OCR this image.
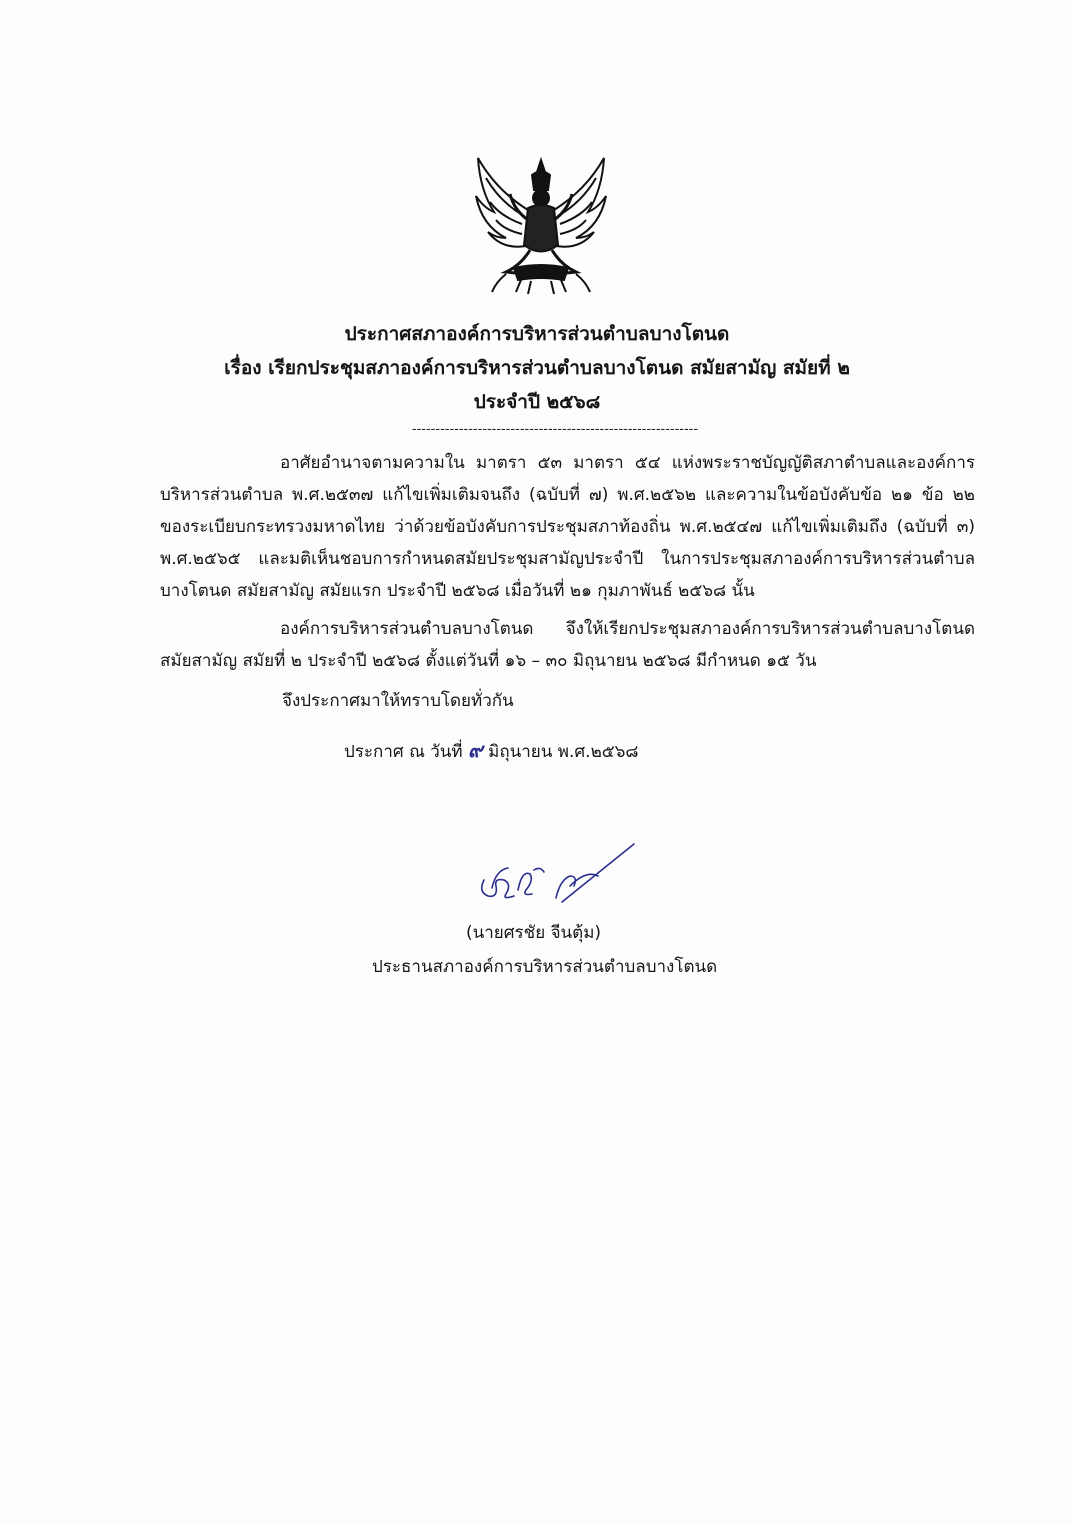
ประกาศสภาองค์การบริหารส่วนตำบลบางโตนด
เรื่อง เรียกประชุมสภาองค์การบริหารส่วนตำบลบางโตนด สมัยสามัญ สมัยที่ ๒
ประจำปี ๒๕๖๘
-------------------------------------------------------------
อาศัยอำนาจตามความใน มาตรา ๕๓ มาตรา ๕๔ แห่งพระราชบัญญัติสภาตำบลและองค์การ
บริหารส่วนตำบล พ.ศ.๒๕๓๗ แก้ไขเพิ่มเติมจนถึง (ฉบับที่ ๗) พ.ศ.๒๕๖๒ และความในข้อบังคับข้อ ๒๑ ข้อ ๒๒
ของระเบียบกระทรวงมหาดไทย ว่าด้วยข้อบังคับการประชุมสภาท้องถิ่น พ.ศ.๒๕๔๗ แก้ไขเพิ่มเติมถึง (ฉบับที่ ๓)
พ.ศ.๒๕๖๕ และมติเห็นชอบการกำหนดสมัยประชุมสามัญประจำปี ในการประชุมสภาองค์การบริหารส่วนตำบล
บางโตนด สมัยสามัญ สมัยแรก ประจำปี ๒๕๖๘ เมื่อวันที่ ๒๑ กุมภาพันธ์ ๒๕๖๘ นั้น
องค์การบริหารส่วนตำบลบางโตนด จึงให้เรียกประชุมสภาองค์การบริหารส่วนตำบลบางโตนด
สมัยสามัญ สมัยที่ ๒ ประจำปี ๒๕๖๘ ตั้งแต่วันที่ ๑๖ – ๓๐ มิถุนายน ๒๕๖๘ มีกำหนด ๑๕ วัน
จึงประกาศมาให้ทราบโดยทั่วกัน
ประกาศ ณ วันที่ ๙ มิถุนายน พ.ศ.๒๕๖๘
(นายศรชัย จีนตุ้ม)
ประธานสภาองค์การบริหารส่วนตำบลบางโตนด
